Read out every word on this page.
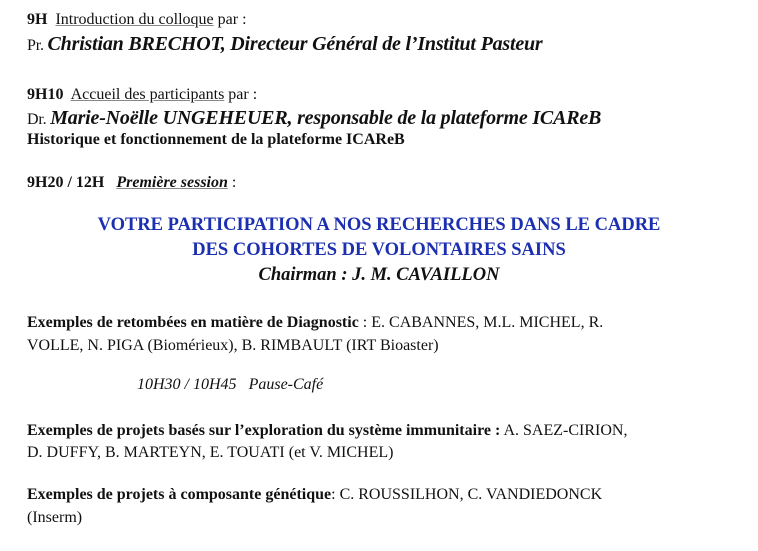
9H Introduction du colloque par :
Pr. Christian BRECHOT, Directeur Général de l’Institut Pasteur
9H10 Accueil des participants par :
Dr. Marie-Noëlle UNGEHEUER, responsable de la plateforme ICAReB
Historique et fonctionnement de la plateforme ICAReB
9H20 / 12H Première session :
VOTRE PARTICIPATION A NOS RECHERCHES DANS LE CADRE
DES COHORTES DE VOLONTAIRES SAINS
Chairman : J. M. CAVAILLON
Exemples de retombées en matière de Diagnostic : E. CABANNES, M.L. MICHEL, R.
VOLLE, N. PIGA (Biomérieux), B. RIMBAULT (IRT Bioaster)
10H30 / 10H45 Pause-Café
Exemples de projets basés sur l’exploration du système immunitaire : A. SAEZ-CIRION,
D. DUFFY, B. MARTEYN, E. TOUATI (et V. MICHEL)
Exemples de projets à composante génétique: C. ROUSSILHON, C. VANDIEDONCK
(Inserm)
